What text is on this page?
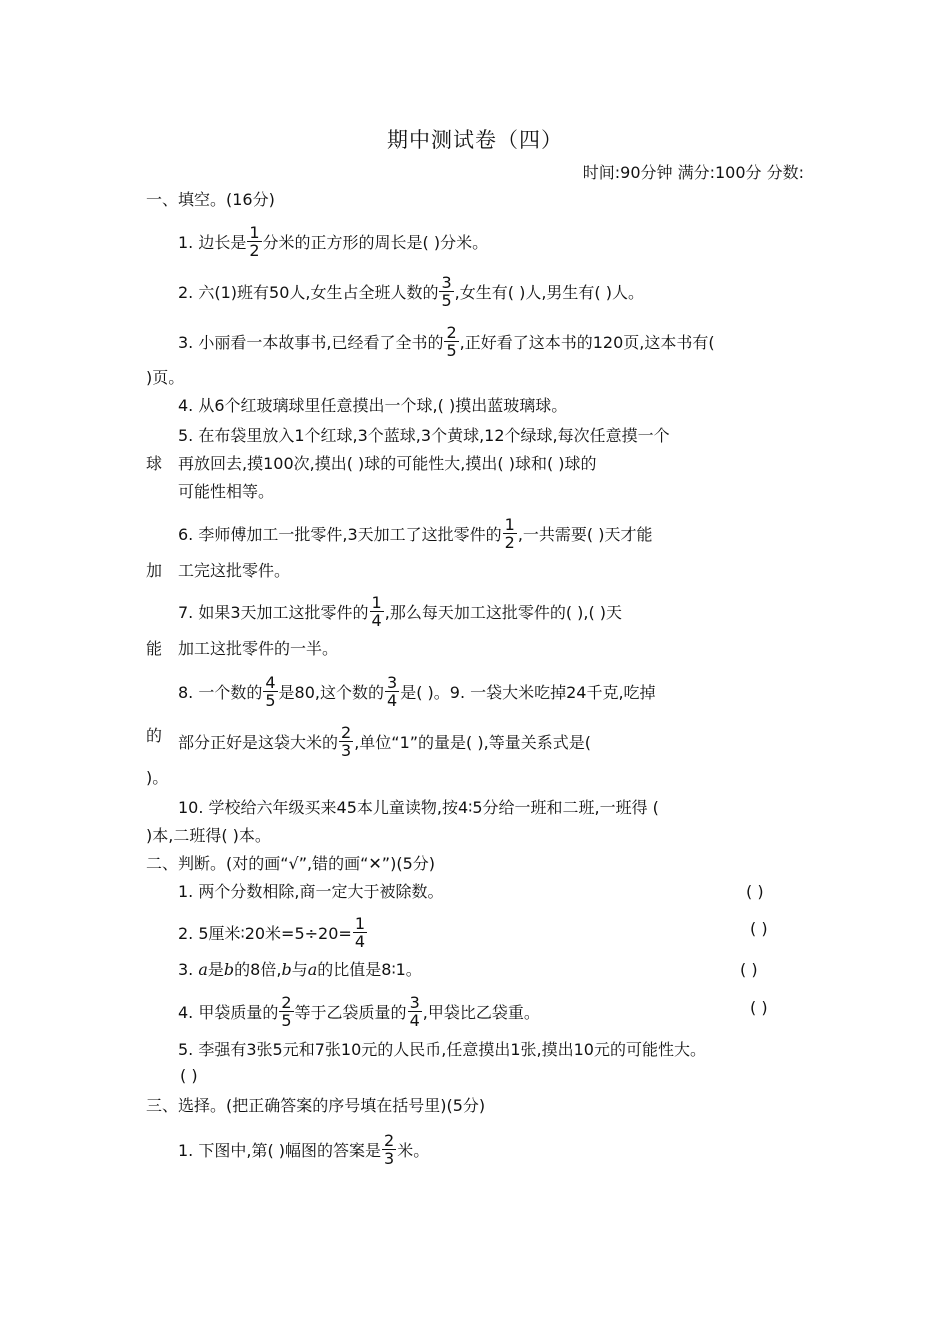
期中测试卷（四）
时间:90分钟 满分:100分 分数:
一、填空。(16分)
1. 边长是 $\frac{1}{2}$ 分米的正方形的周长是( )分米。
2. 六(1)班有50人,女生占全班人数的 $\frac{3}{5}$ ,女生有( )人,男生有( )人。
3. 小丽看一本故事书,已经看了全书的 $\frac{2}{5}$ ,正好看了这本书的120页,这本书有(
)页。
4. 从6个红玻璃球里任意摸出一个球,( )摸出蓝玻璃球。
5. 在布袋里放入1个红球,3个蓝球,3个黄球,12个绿球,每次任意摸一个
球 再放回去,摸100次,摸出( )球的可能性大,摸出( )球和( )球的
可能性相等。
6. 李师傅加工一批零件,3天加工了这批零件的 $\frac{1}{2}$ ,一共需要( )天才能
加 工完这批零件。
7. 如果3天加工这批零件的 $\frac{1}{4}$ ,那么每天加工这批零件的( ),( )天
能 加工这批零件的一半。
8. 一个数的 $\frac{4}{5}$ 是80,这个数的 $\frac{3}{4}$ 是( )。9. 一袋大米吃掉24千克,吃掉
的 部分正好是这袋大米的 $\frac{2}{3}$ ,单位“1”的量是( ),等量关系式是(
)。
10. 学校给六年级买来45本儿童读物,按4∶5分给一班和二班,一班得 (
)本,二班得( )本。
二、判断。(对的画“√”,错的画“✕”)(5分)
1. 两个分数相除,商一定大于被除数。	( )
2. 5厘米∶20米$=5\div 20= \frac{1}{4}$	( )
3. a是b的8倍,b与a的比值是8∶1。	( )
4. 甲袋质量的 $\frac{2}{5}$ 等于乙袋质量的 $\frac{3}{4}$ ,甲袋比乙袋重。	( )
5. 李强有3张5元和7张10元的人民币,任意摸出1张,摸出10元的可能性大。
( )
三、选择。(把正确答案的序号填在括号里)(5分)
1. 下图中,第( )幅图的答案是 $\frac{2}{3}$ 米。
